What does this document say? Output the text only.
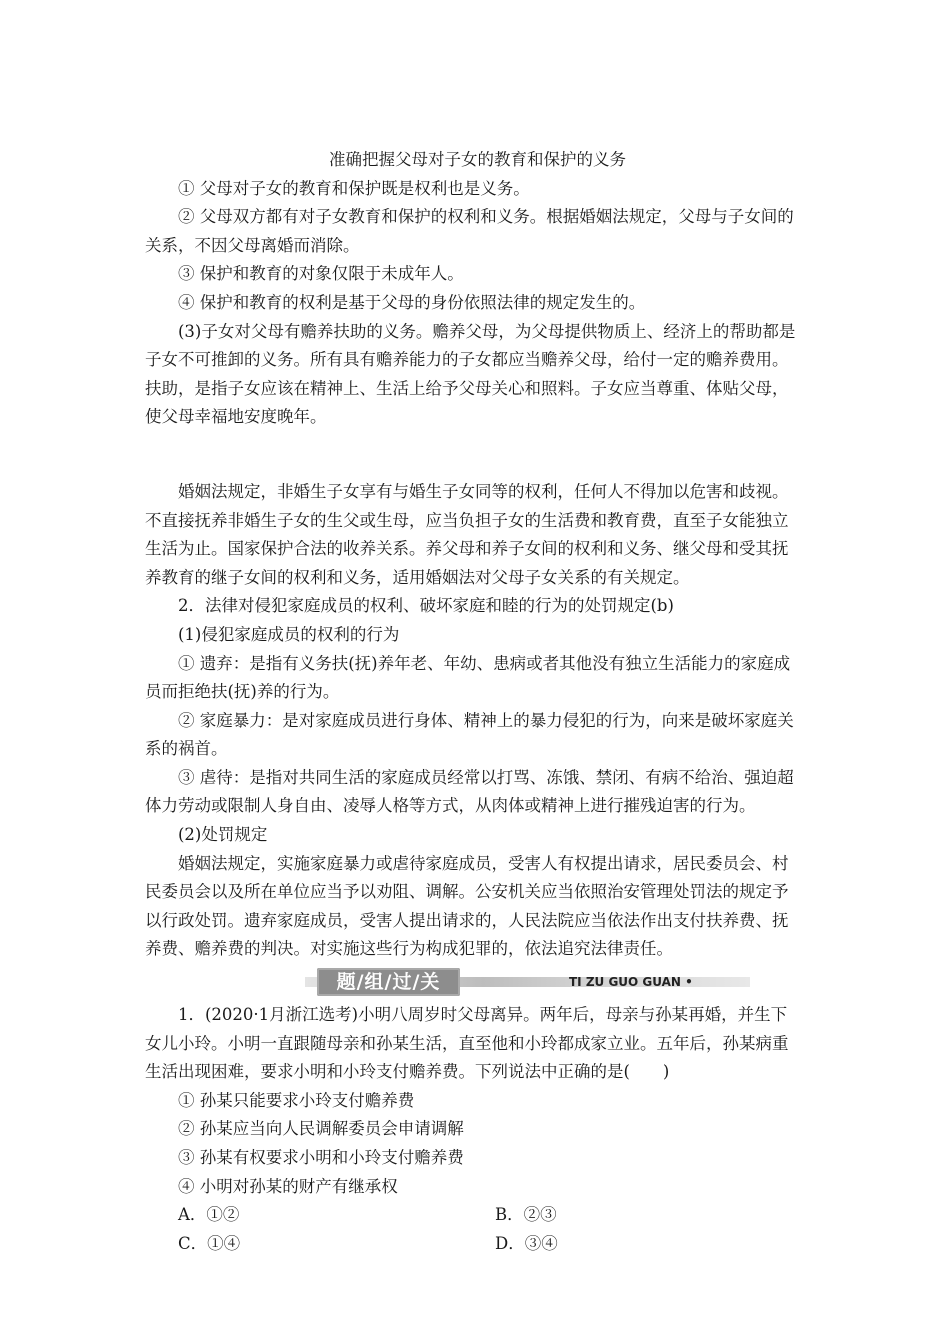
准确把握父母对子女的教育和保护的义务

① 父母对子女的教育和保护既是权利也是义务。

② 父母双方都有对子女教育和保护的权利和义务。根据婚姻法规定，父母与子女间的

关系，不因父母离婚而消除。

③ 保护和教育的对象仅限于未成年人。

④ 保护和教育的权利是基于父母的身份依照法律的规定发生的。

(3)子女对父母有赡养扶助的义务。赡养父母，为父母提供物质上、经济上的帮助都是

子女不可推卸的义务。所有具有赡养能力的子女都应当赡养父母，给付一定的赡养费用。

扶助，是指子女应该在精神上、生活上给予父母关心和照料。子女应当尊重、体贴父母，

使父母幸福地安度晚年。

婚姻法规定，非婚生子女享有与婚生子女同等的权利，任何人不得加以危害和歧视。

不直接抚养非婚生子女的生父或生母，应当负担子女的生活费和教育费，直至子女能独立

生活为止。国家保护合法的收养关系。养父母和养子女间的权利和义务、继父母和受其抚

养教育的继子女间的权利和义务，适用婚姻法对父母子女关系的有关规定。

2．法律对侵犯家庭成员的权利、破坏家庭和睦的行为的处罚规定(b)

(1)侵犯家庭成员的权利的行为

① 遗弃：是指有义务扶(抚)养年老、年幼、患病或者其他没有独立生活能力的家庭成

员而拒绝扶(抚)养的行为。

② 家庭暴力：是对家庭成员进行身体、精神上的暴力侵犯的行为，向来是破坏家庭关

系的祸首。

③ 虐待：是指对共同生活的家庭成员经常以打骂、冻饿、禁闭、有病不给治、强迫超

体力劳动或限制人身自由、凌辱人格等方式，从肉体或精神上进行摧残迫害的行为。

(2)处罚规定

婚姻法规定，实施家庭暴力或虐待家庭成员，受害人有权提出请求，居民委员会、村

民委员会以及所在单位应当予以劝阻、调解。公安机关应当依照治安管理处罚法的规定予

以行政处罚。遗弃家庭成员，受害人提出请求的，人民法院应当依法作出支付扶养费、抚

养费、赡养费的判决。对实施这些行为构成犯罪的，依法追究法律责任。

题/组/过/关	TI ZU GUO GUAN •

1．(2020·1月浙江选考)小明八周岁时父母离异。两年后，母亲与孙某再婚，并生下

女儿小玲。小明一直跟随母亲和孙某生活，直至他和小玲都成家立业。五年后，孙某病重

生活出现困难，要求小明和小玲支付赡养费。下列说法中正确的是(　　)

① 孙某只能要求小玲支付赡养费

② 孙某应当向人民调解委员会申请调解

③ 孙某有权要求小明和小玲支付赡养费

④ 小明对孙某的财产有继承权

A．①②	B．②③
C．①④	D．③④
